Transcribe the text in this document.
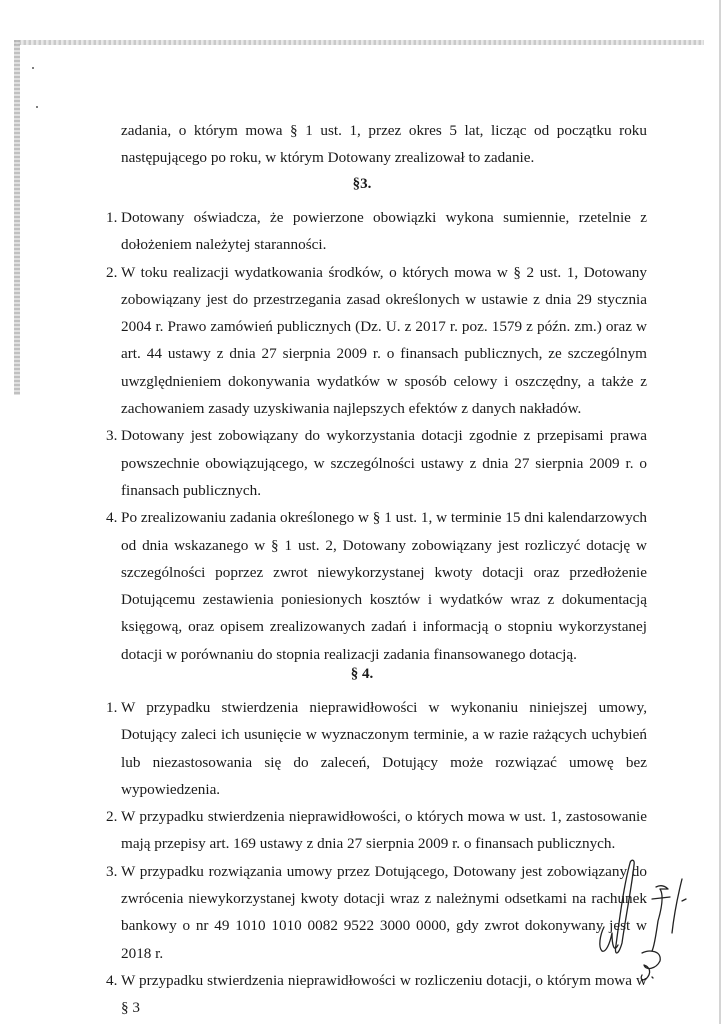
zadania, o którym mowa § 1 ust. 1, przez okres 5 lat, licząc od początku roku następującego po roku, w którym Dotowany zrealizował to zadanie.
§3.
1. Dotowany oświadcza, że powierzone obowiązki wykona sumiennie, rzetelnie z dołożeniem należytej staranności.
2. W toku realizacji wydatkowania środków, o których mowa w § 2 ust. 1, Dotowany zobowiązany jest do przestrzegania zasad określonych w ustawie z dnia 29 stycznia 2004 r. Prawo zamówień publicznych (Dz. U. z 2017 r. poz. 1579 z późn. zm.) oraz w art. 44 ustawy z dnia 27 sierpnia 2009 r. o finansach publicznych, ze szczególnym uwzględnieniem dokonywania wydatków w sposób celowy i oszczędny, a także z zachowaniem zasady uzyskiwania najlepszych efektów z danych nakładów.
3. Dotowany jest zobowiązany do wykorzystania dotacji zgodnie z przepisami prawa powszechnie obowiązującego, w szczególności ustawy z dnia 27 sierpnia 2009 r. o finansach publicznych.
4. Po zrealizowaniu zadania określonego w § 1 ust. 1, w terminie 15 dni kalendarzowych od dnia wskazanego w § 1 ust. 2, Dotowany zobowiązany jest rozliczyć dotację w szczególności poprzez zwrot niewykorzystanej kwoty dotacji oraz przedłożenie Dotującemu zestawienia poniesionych kosztów i wydatków wraz z dokumentacją księgową, oraz opisem zrealizowanych zadań i informacją o stopniu wykorzystanej dotacji w porównaniu do stopnia realizacji zadania finansowanego dotacją.
§ 4.
1. W przypadku stwierdzenia nieprawidłowości w wykonaniu niniejszej umowy, Dotujący zaleci ich usunięcie w wyznaczonym terminie, a w razie rażących uchybień lub niezastosowania się do zaleceń, Dotujący może rozwiązać umowę bez wypowiedzenia.
2. W przypadku stwierdzenia nieprawidłowości, o których mowa w ust. 1, zastosowanie mają przepisy art. 169 ustawy z dnia 27 sierpnia 2009 r. o finansach publicznych.
3. W przypadku rozwiązania umowy przez Dotującego, Dotowany jest zobowiązany do zwrócenia niewykorzystanej kwoty dotacji wraz z należnymi odsetkami na rachunek bankowy o nr 49 1010 1010 0082 9522 3000 0000, gdy zwrot dokonywany jest w 2018 r.
4. W przypadku stwierdzenia nieprawidłowości w rozliczeniu dotacji, o którym mowa w § 3
